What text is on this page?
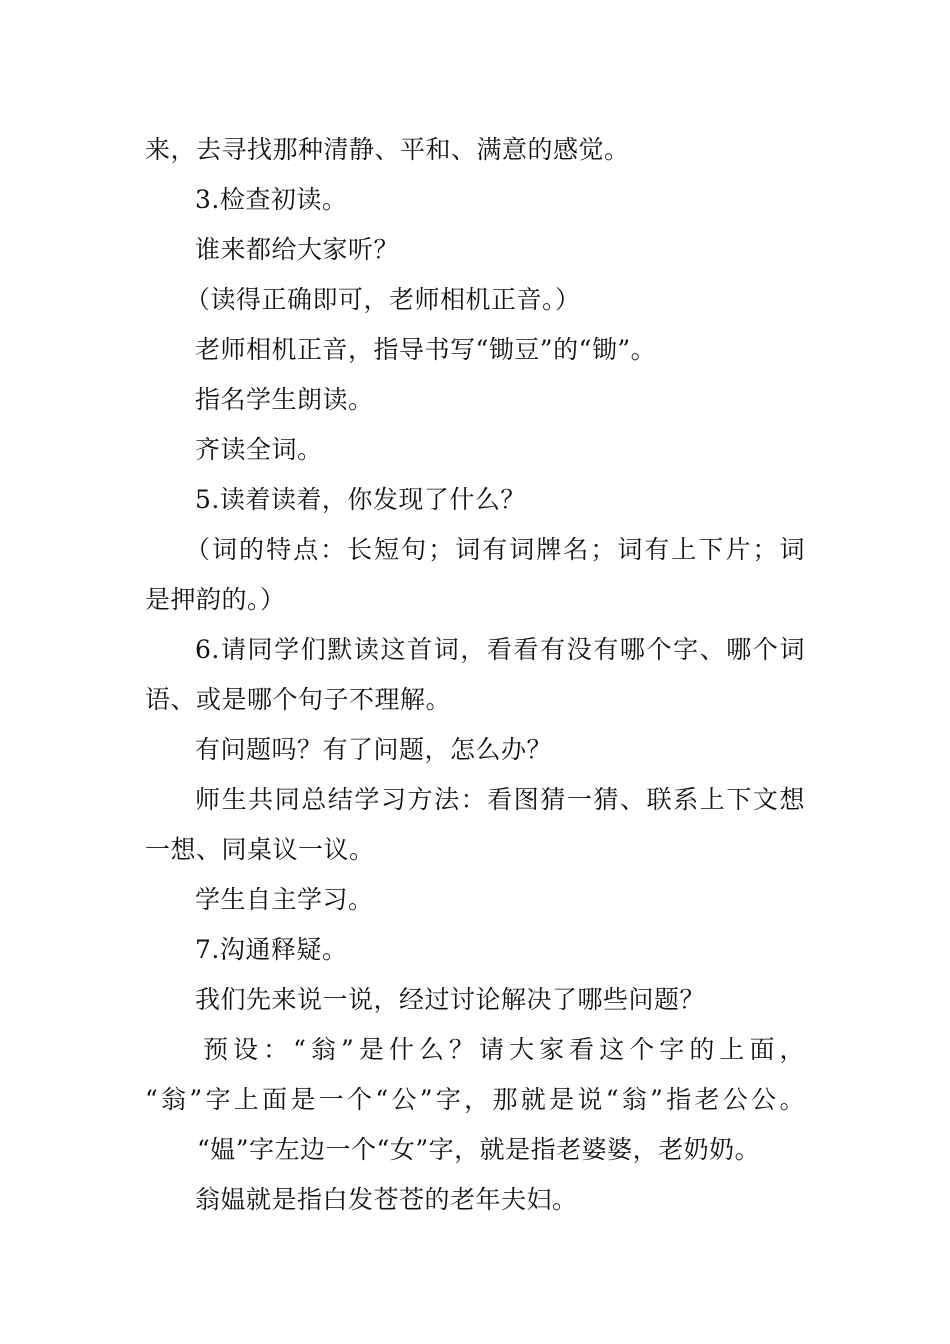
来，去寻找那种清静、平和、满意的感觉。
3.检查初读。
谁来都给大家听？
（读得正确即可，老师相机正音。）
老师相机正音，指导书写“锄豆”的“锄”。
指名学生朗读。
齐读全词。
5.读着读着，你发现了什么？
（词的特点：长短句；词有词牌名；词有上下片；词
是押韵的。）
6.请同学们默读这首词，看看有没有哪个字、哪个词
语、或是哪个句子不理解。
有问题吗？有了问题，怎么办？
师生共同总结学习方法：看图猜一猜、联系上下文想
一想、同桌议一议。
学生自主学习。
7.沟通释疑。
我们先来说一说，经过讨论解决了哪些问题？
预设：“翁”是什么？请大家看这个字的上面，
“翁”字上面是一个“公”字，那就是说“翁”指老公公。
“媪”字左边一个“女”字，就是指老婆婆，老奶奶。
翁媪就是指白发苍苍的老年夫妇。
